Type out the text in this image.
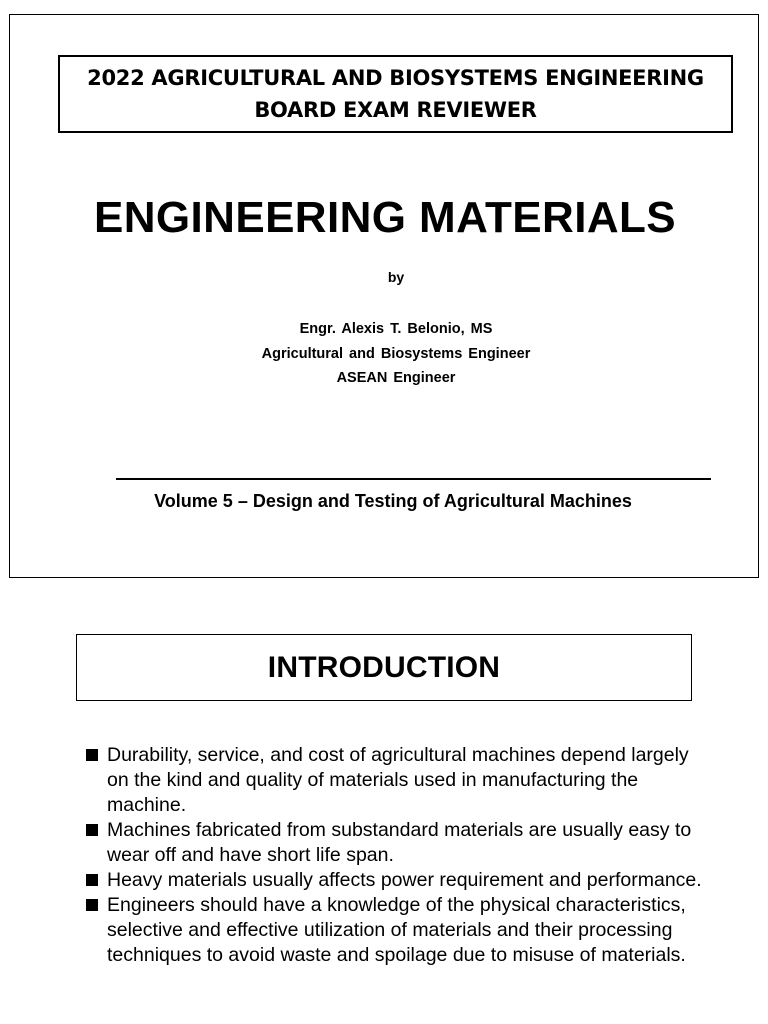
2022 AGRICULTURAL AND BIOSYSTEMS ENGINEERING
BOARD EXAM REVIEWER
ENGINEERING MATERIALS
by
Engr. Alexis T. Belonio, MS
Agricultural and Biosystems Engineer
ASEAN Engineer
Volume 5 – Design and Testing of Agricultural Machines
INTRODUCTION
Durability, service, and cost of agricultural machines depend largely on the kind and quality of materials used in manufacturing the machine.
Machines fabricated from substandard materials are usually easy to wear off and have short life span.
Heavy materials usually affects power requirement and performance.
Engineers should have a knowledge of the physical characteristics, selective and effective utilization of materials and their processing techniques to avoid waste and spoilage due to misuse of materials.
